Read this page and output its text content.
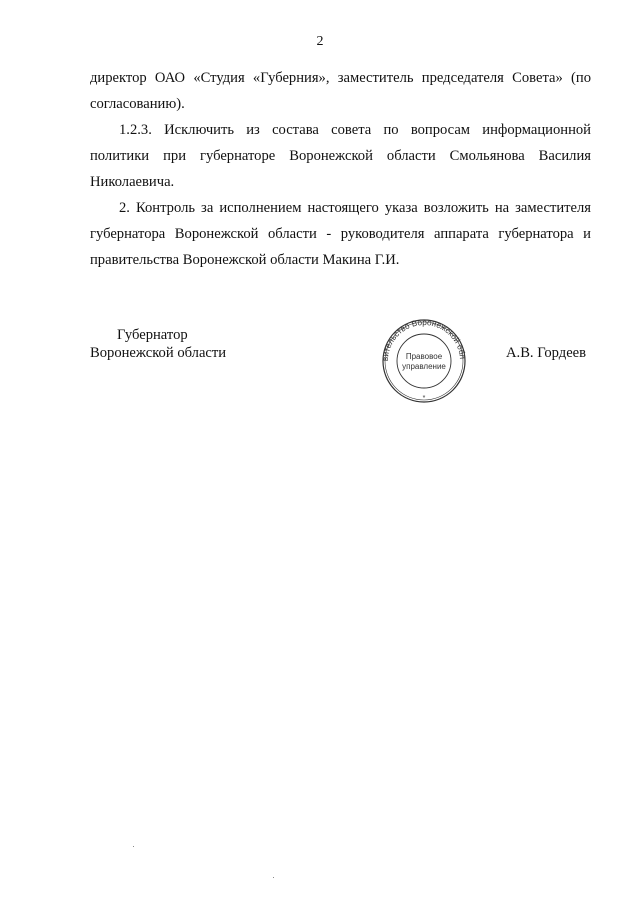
2

директор ОАО «Студия «Губерния», заместитель председателя Совета» (по согласованию).

1.2.3. Исключить из состава совета по вопросам информационной политики при губернаторе Воронежской области Смольянова Василия Николаевича.

2. Контроль за исполнением настоящего указа возложить на заместителя губернатора Воронежской области - руководителя аппарата губернатора и правительства Воронежской области Макина Г.И.

Губернатор
Воронежской области	вительство Воронежской обл
Правовое
управление
*
А.В. Гордеев
